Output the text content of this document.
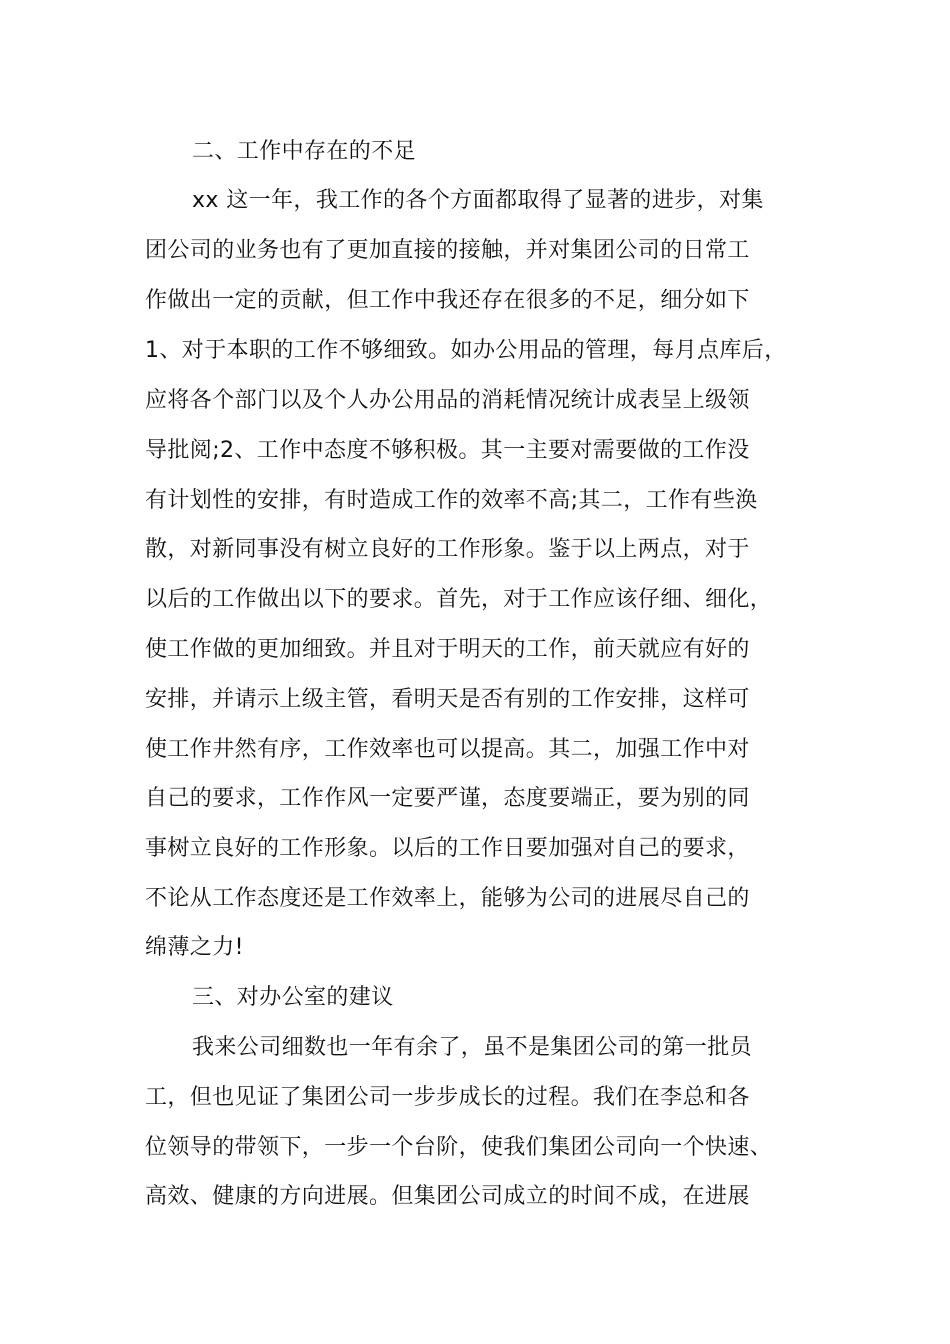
二、工作中存在的不足

xx 这一年，我工作的各个方面都取得了显著的进步，对集

团公司的业务也有了更加直接的接触，并对集团公司的日常工

作做出一定的贡献，但工作中我还存在很多的不足，细分如下

1、对于本职的工作不够细致。如办公用品的管理，每月点库后，

应将各个部门以及个人办公用品的消耗情况统计成表呈上级领

导批阅;2、工作中态度不够积极。其一主要对需要做的工作没

有计划性的安排，有时造成工作的效率不高;其二，工作有些涣

散，对新同事没有树立良好的工作形象。鉴于以上两点，对于

以后的工作做出以下的要求。首先，对于工作应该仔细、细化，

使工作做的更加细致。并且对于明天的工作，前天就应有好的

安排，并请示上级主管，看明天是否有别的工作安排，这样可

使工作井然有序，工作效率也可以提高。其二，加强工作中对

自己的要求，工作作风一定要严谨，态度要端正，要为别的同

事树立良好的工作形象。以后的工作日要加强对自己的要求，

不论从工作态度还是工作效率上，能够为公司的进展尽自己的

绵薄之力!

三、对办公室的建议

我来公司细数也一年有余了，虽不是集团公司的第一批员

工，但也见证了集团公司一步步成长的过程。我们在李总和各

位领导的带领下，一步一个台阶，使我们集团公司向一个快速、

高效、健康的方向进展。但集团公司成立的时间不成，在进展
